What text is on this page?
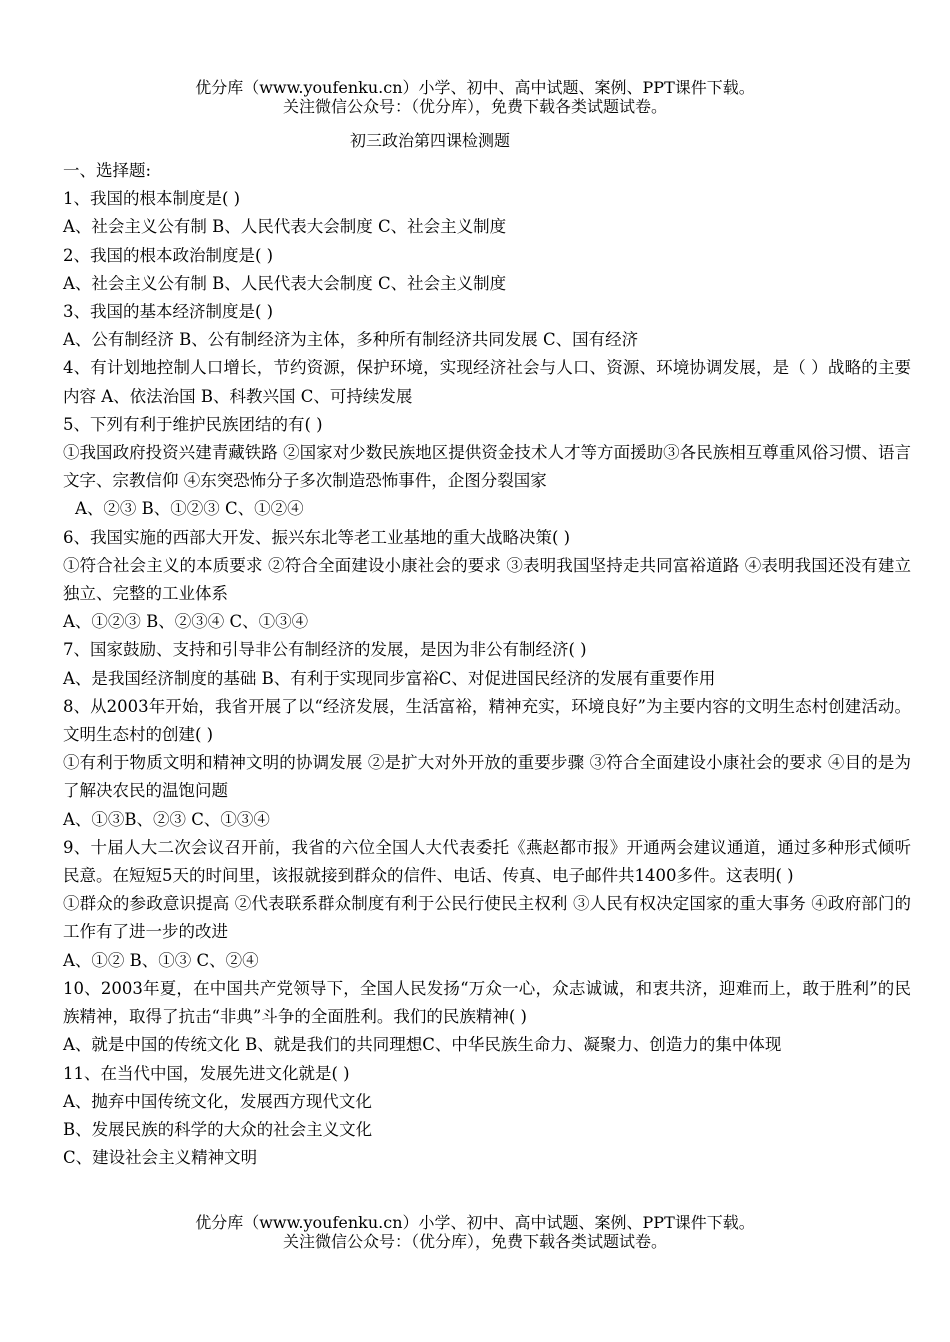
优分库（www.youfenku.cn）小学、初中、高中试题、案例、PPT课件下载。
关注微信公众号：（优分库），免费下载各类试题试卷。
初三政治第四课检测题

一、选择题:

1、我国的根本制度是( )

A、社会主义公有制 B、人民代表大会制度 C、社会主义制度

2、我国的根本政治制度是( )

A、社会主义公有制 B、人民代表大会制度 C、社会主义制度

3、我国的基本经济制度是( )

A、公有制经济 B、公有制经济为主体，多种所有制经济共同发展 C、国有经济

4、有计划地控制人口增长，节约资源，保护环境，实现经济社会与人口、资源、环境协调发展，是（ ）战略的主要内容 A、依法治国 B、科教兴国 C、可持续发展

5、下列有利于维护民族团结的有( )

①我国政府投资兴建青藏铁路 ②国家对少数民族地区提供资金技术人才等方面援助③各民族相互尊重风俗习惯、语言文字、宗教信仰 ④东突恐怖分子多次制造恐怖事件，企图分裂国家

A、②③ B、①②③ C、①②④

6、我国实施的西部大开发、振兴东北等老工业基地的重大战略决策( )

①符合社会主义的本质要求 ②符合全面建设小康社会的要求 ③表明我国坚持走共同富裕道路 ④表明我国还没有建立独立、完整的工业体系

A、①②③ B、②③④ C、①③④

7、国家鼓励、支持和引导非公有制经济的发展，是因为非公有制经济( )

A、是我国经济制度的基础 B、有利于实现同步富裕C、对促进国民经济的发展有重要作用

8、从2003年开始，我省开展了以“经济发展，生活富裕，精神充实，环境良好”为主要内容的文明生态村创建活动。文明生态村的创建( )

①有利于物质文明和精神文明的协调发展 ②是扩大对外开放的重要步骤 ③符合全面建设小康社会的要求 ④目的是为了解决农民的温饱问题

A、①③B、②③ C、①③④

9、十届人大二次会议召开前，我省的六位全国人大代表委托《燕赵都市报》开通两会建议通道，通过多种形式倾听民意。在短短5天的时间里，该报就接到群众的信件、电话、传真、电子邮件共1400多件。这表明( )

①群众的参政意识提高 ②代表联系群众制度有利于公民行使民主权利 ③人民有权决定国家的重大事务 ④政府部门的工作有了进一步的改进

A、①② B、①③ C、②④

10、2003年夏，在中国共产党领导下，全国人民发扬“万众一心，众志诚诚，和衷共济，迎难而上，敢于胜利”的民族精神，取得了抗击“非典”斗争的全面胜利。我们的民族精神( )

A、就是中国的传统文化 B、就是我们的共同理想C、中华民族生命力、凝聚力、创造力的集中体现

11、在当代中国，发展先进文化就是( )

A、抛弃中国传统文化，发展西方现代文化

B、发展民族的科学的大众的社会主义文化

C、建设社会主义精神文明

优分库（www.youfenku.cn）小学、初中、高中试题、案例、PPT课件下载。
关注微信公众号：（优分库），免费下载各类试题试卷。
